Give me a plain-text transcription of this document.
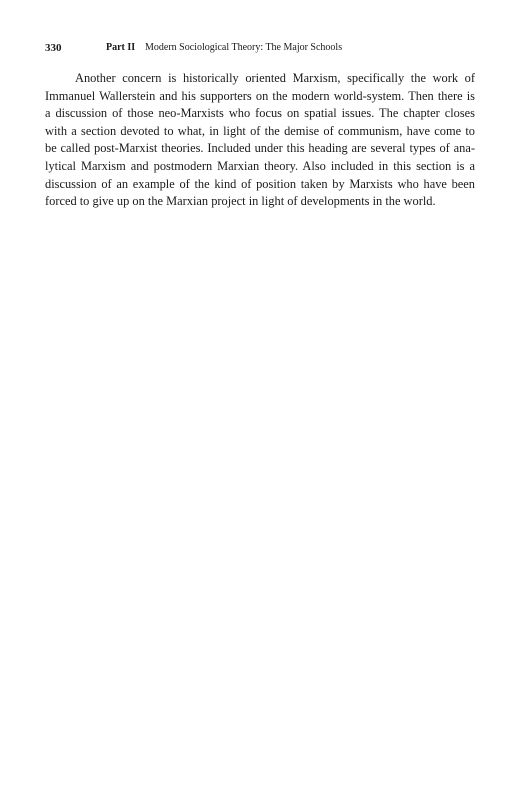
330	Part II Modern Sociological Theory: The Major Schools
Another concern is historically oriented Marxism, specifically the work of
Immanuel Wallerstein and his supporters on the modern world-system. Then there is
a discussion of those neo-Marxists who focus on spatial issues. The chapter closes
with a section devoted to what, in light of the demise of communism, have come to
be called post-Marxist theories. Included under this heading are several types of ana-
lytical Marxism and postmodern Marxian theory. Also included in this section is a
discussion of an example of the kind of position taken by Marxists who have been
forced to give up on the Marxian project in light of developments in the world.
